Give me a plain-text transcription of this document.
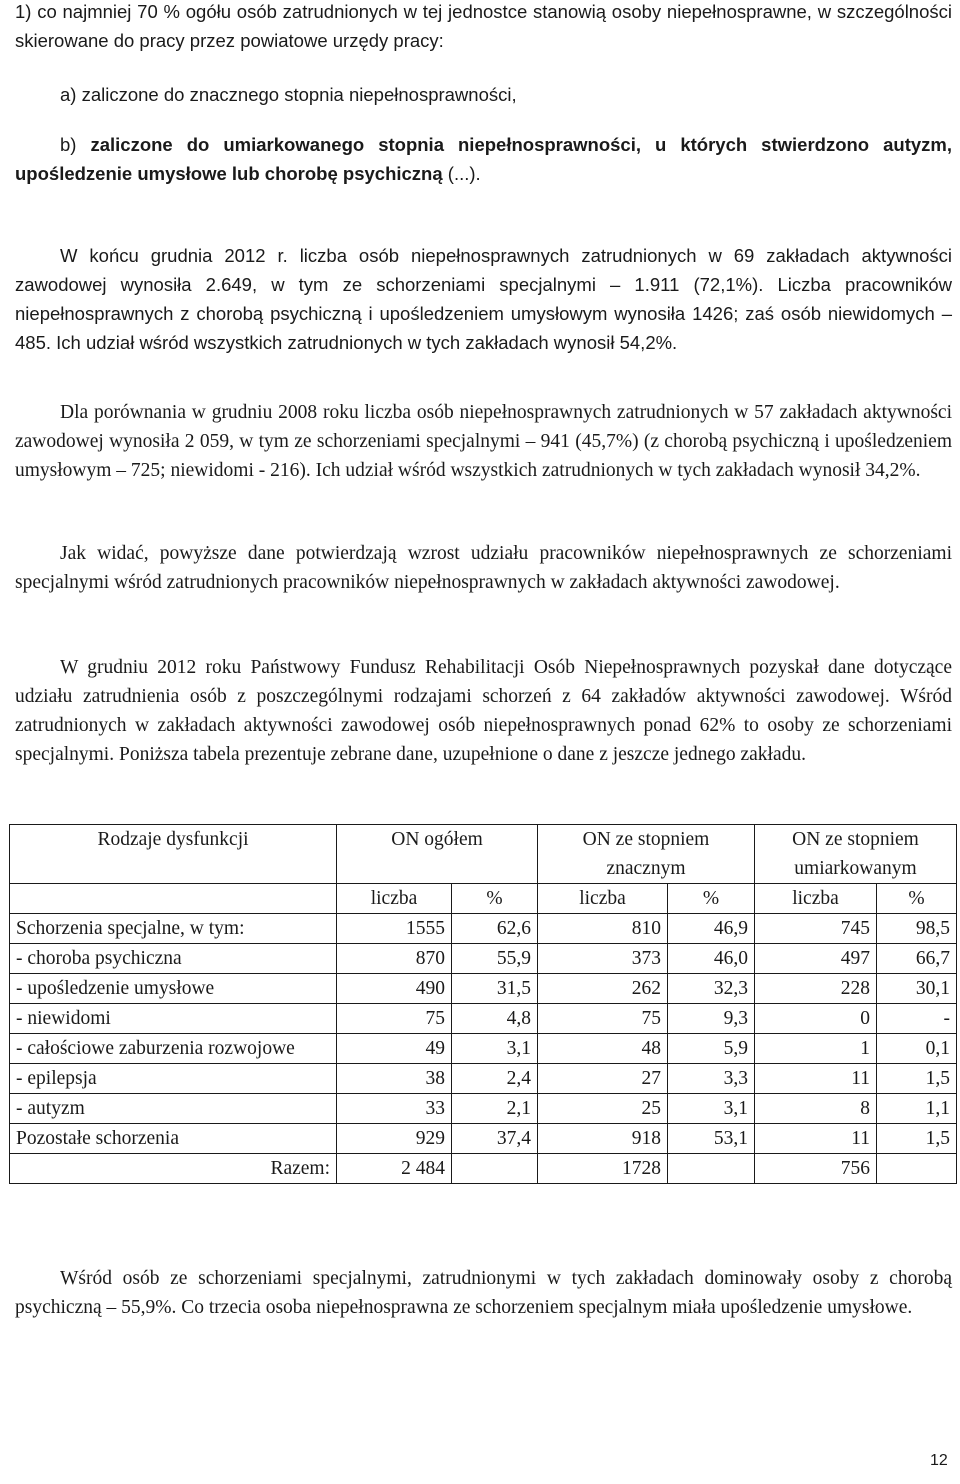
1) co najmniej 70 % ogółu osób zatrudnionych w tej jednostce stanowią osoby niepełnosprawne, w szczególności skierowane do pracy przez powiatowe urzędy pracy:
a) zaliczone do znacznego stopnia niepełnosprawności,
b) zaliczone do umiarkowanego stopnia niepełnosprawności, u których stwierdzono autyzm, upośledzenie umysłowe lub chorobę psychiczną (...).
W końcu grudnia 2012 r. liczba osób niepełnosprawnych zatrudnionych w 69 zakładach aktywności zawodowej wynosiła 2.649, w tym ze schorzeniami specjalnymi – 1.911 (72,1%). Liczba pracowników niepełnosprawnych z chorobą psychiczną i upośledzeniem umysłowym wynosiła 1426; zaś osób niewidomych – 485. Ich udział wśród wszystkich zatrudnionych w tych zakładach wynosił 54,2%.
Dla porównania w grudniu 2008 roku liczba osób niepełnosprawnych zatrudnionych w 57 zakładach aktywności zawodowej wynosiła 2 059, w tym ze schorzeniami specjalnymi – 941 (45,7%) (z chorobą psychiczną i upośledzeniem umysłowym – 725; niewidomi - 216). Ich udział wśród wszystkich zatrudnionych w tych zakładach wynosił 34,2%.
Jak widać, powyższe dane potwierdzają wzrost udziału pracowników niepełnosprawnych ze schorzeniami specjalnymi wśród zatrudnionych pracowników niepełnosprawnych w zakładach aktywności zawodowej.
W grudniu 2012 roku Państwowy Fundusz Rehabilitacji Osób Niepełnosprawnych pozyskał dane dotyczące udziału zatrudnienia osób z poszczególnymi rodzajami schorzeń z 64 zakładów aktywności zawodowej. Wśród zatrudnionych w zakładach aktywności zawodowej osób niepełnosprawnych ponad 62% to osoby ze schorzeniami specjalnymi. Poniższa tabela prezentuje zebrane dane, uzupełnione o dane z jeszcze jednego zakładu.
Rodzaje dysfunkcji	ON ogółem		ON ze stopniem znacznym		ON ze stopniem umiarkowanym	
	liczba	%	liczba	%	liczba	%
Schorzenia specjalne, w tym:	1555	62,6	810	46,9	745	98,5
- choroba psychiczna	870	55,9	373	46,0	497	66,7
- upośledzenie umysłowe	490	31,5	262	32,3	228	30,1
- niewidomi	75	4,8	75	9,3	0	-
- całościowe zaburzenia rozwojowe	49	3,1	48	5,9	1	0,1
- epilepsja	38	2,4	27	3,3	11	1,5
- autyzm	33	2,1	25	3,1	8	1,1
Pozostałe schorzenia	929	37,4	918	53,1	11	1,5
Razem:	2 484		1728		756	
Wśród osób ze schorzeniami specjalnymi, zatrudnionymi w tych zakładach dominowały osoby z chorobą psychiczną – 55,9%. Co trzecia osoba niepełnosprawna ze schorzeniem specjalnym miała upośledzenie umysłowe.
12
